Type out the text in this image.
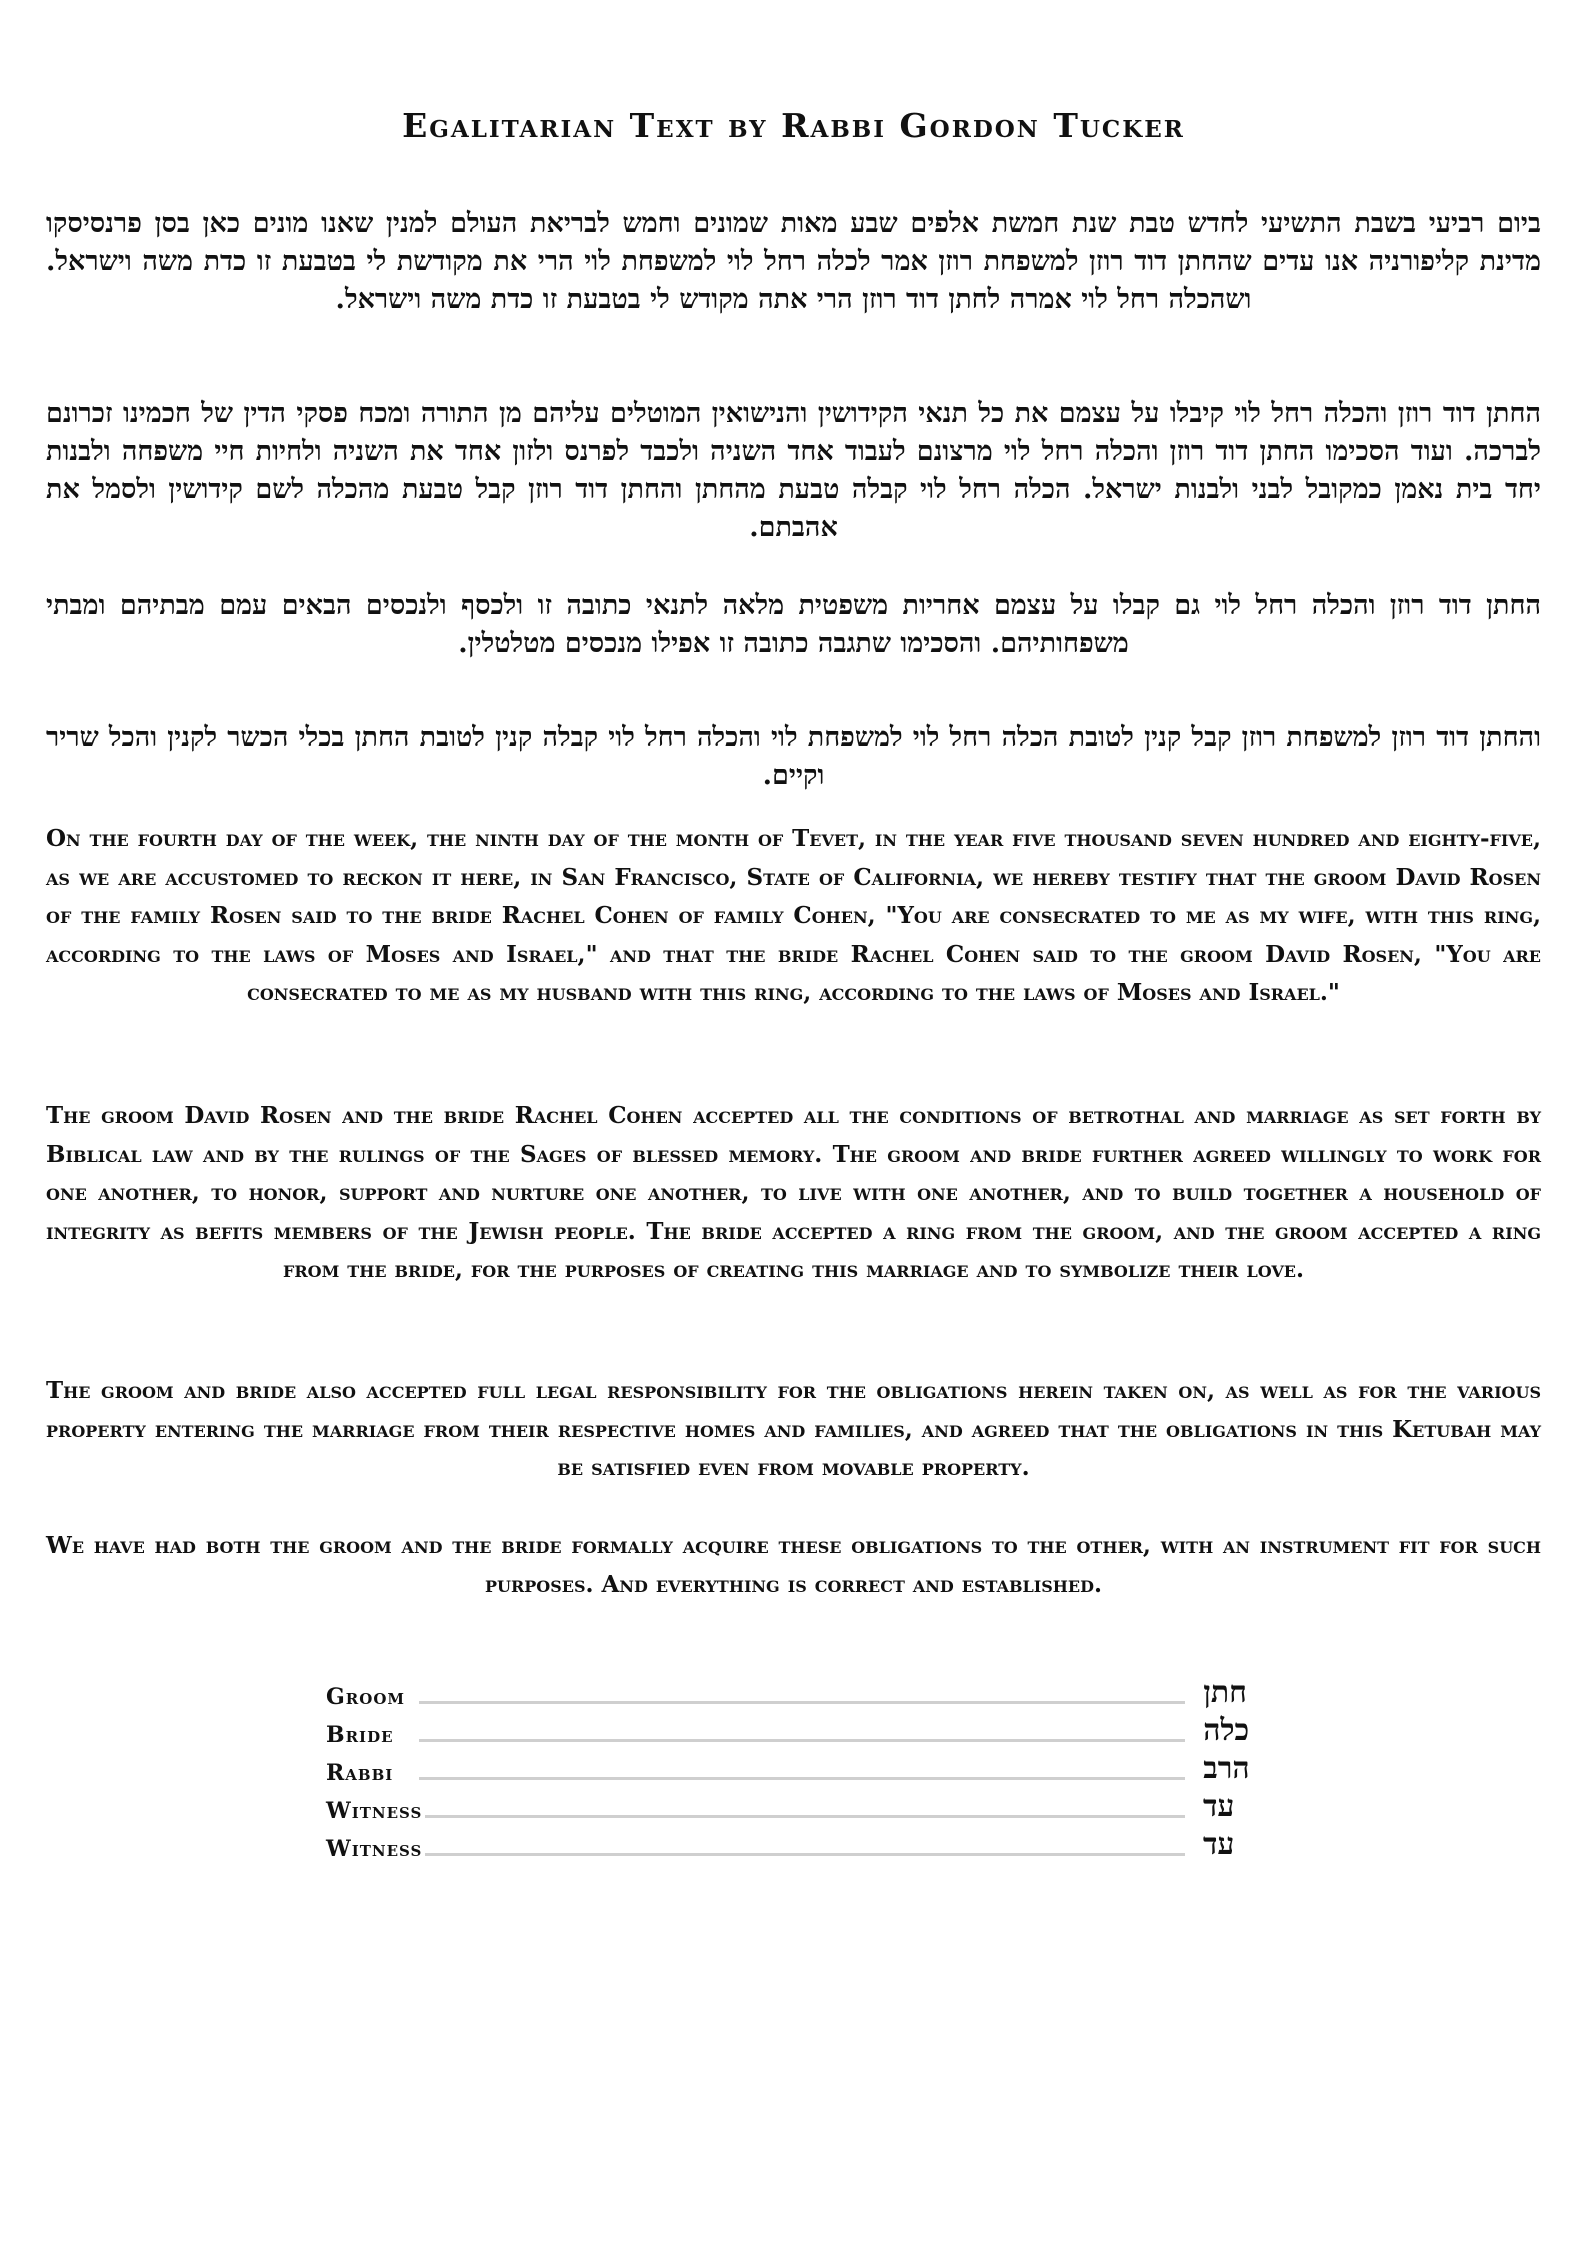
Egalitarian Text by Rabbi Gordon Tucker

ביום רביעי בשבת התשיעי לחדש טבת שנת חמשת אלפים שבע מאות שמונים וחמש לבריאת העולם למנין שאנו מונים כאן בסן פרנסיסקו מדינת קליפורניה אנו עדים שהחתן דוד רוזן למשפחת רוזן אמר לכלה רחל לוי למשפחת לוי הרי את מקודשת לי בטבעת זו כדת משה וישראל. ושהכלה רחל לוי אמרה לחתן דוד רוזן הרי אתה מקודש לי בטבעת זו כדת משה וישראל.

החתן דוד רוזן והכלה רחל לוי קיבלו על עצמם את כל תנאי הקידושין והנישואין המוטלים עליהם מן התורה ומכח פסקי הדין של חכמינו זכרונם לברכה. ועוד הסכימו החתן דוד רוזן והכלה רחל לוי מרצונם לעבוד אחד השניה ולכבד לפרנס ולזון אחד את השניה ולחיות חיי משפחה ולבנות יחד בית נאמן כמקובל לבני ולבנות ישראל. הכלה רחל לוי קבלה טבעת מהחתן והחתן דוד רוזן קבל טבעת מהכלה לשם קידושין ולסמל את אהבתם.

החתן דוד רוזן והכלה רחל לוי גם קבלו על עצמם אחריות משפטית מלאה לתנאי כתובה זו ולכסף ולנכסים הבאים עמם מבתיהם ומבתי משפחותיהם. והסכימו שתגבה כתובה זו אפילו מנכסים מטלטלין.

והחתן דוד רוזן למשפחת רוזן קבל קנין לטובת הכלה רחל לוי למשפחת לוי והכלה רחל לוי קבלה קנין לטובת החתן בכלי הכשר לקנין והכל שריר וקיים.

On the fourth day of the week, the ninth day of the month of Tevet, in the year five thousand seven hundred and eighty-five, as we are accustomed to reckon it here, in San Francisco, State of California, we hereby testify that the groom David Rosen of the family Rosen said to the bride Rachel Cohen of family Cohen, "You are consecrated to me as my wife, with this ring, according to the laws of Moses and Israel," and that the bride Rachel Cohen said to the groom David Rosen, "You are consecrated to me as my husband with this ring, according to the laws of Moses and Israel."

The groom David Rosen and the bride Rachel Cohen accepted all the conditions of betrothal and marriage as set forth by Biblical law and by the rulings of the Sages of blessed memory. The groom and bride further agreed willingly to work for one another, to honor, support and nurture one another, to live with one another, and to build together a household of integrity as befits members of the Jewish people. The bride accepted a ring from the groom, and the groom accepted a ring from the bride, for the purposes of creating this marriage and to symbolize their love.

The groom and bride also accepted full legal responsibility for the obligations herein taken on, as well as for the various property entering the marriage from their respective homes and families, and agreed that the obligations in this Ketubah may be satisfied even from movable property.

We have had both the groom and the bride formally acquire these obligations to the other, with an instrument fit for such purposes. And everything is correct and established.

Groom	חתן
Bride	כלה
Rabbi	הרב
Witness	עד
Witness	עד
